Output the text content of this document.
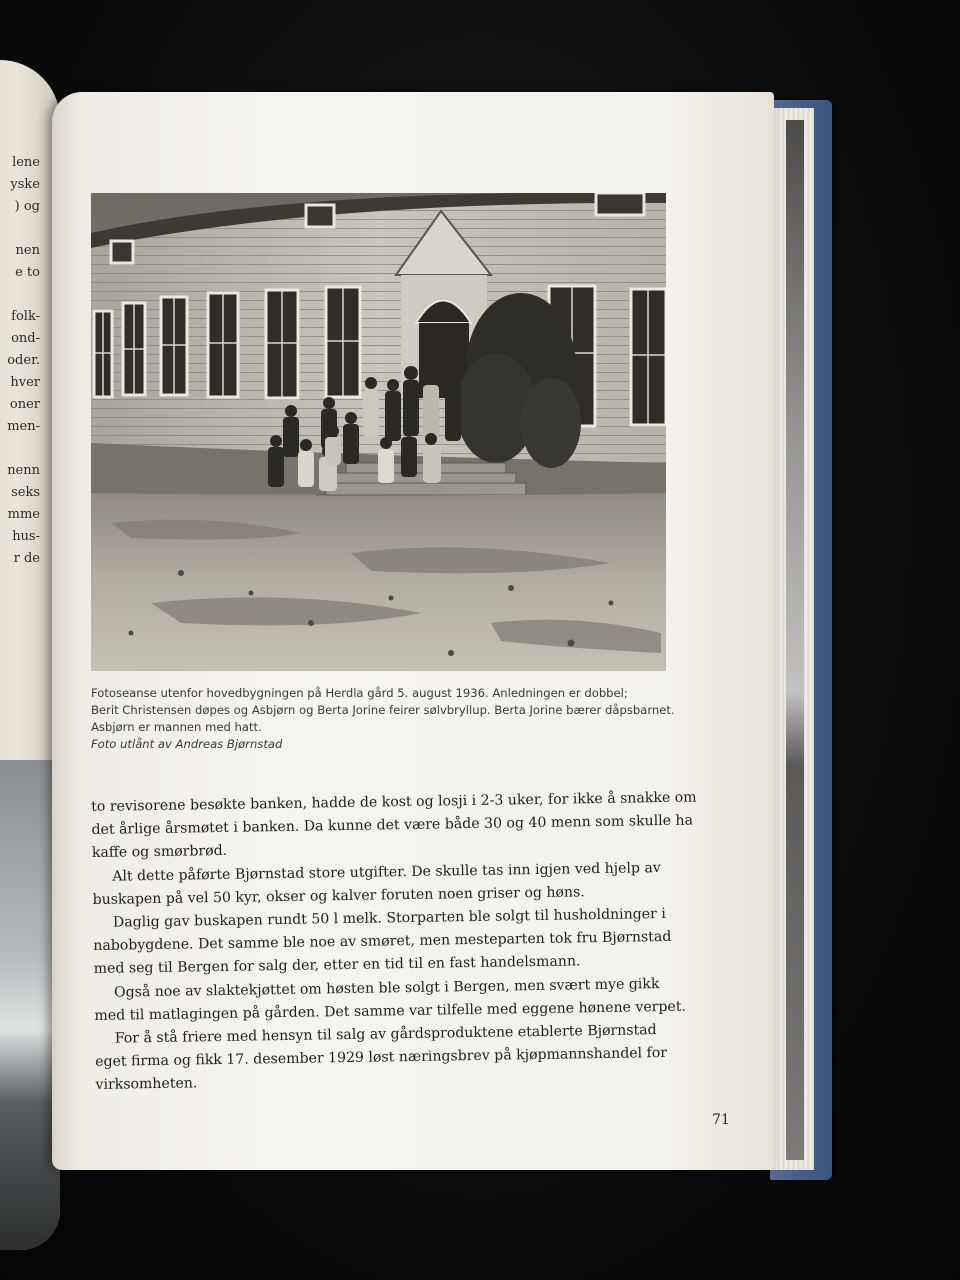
lene
yske
) og

nen
e to

folk-
ond-
oder.
hver
oner
men-

nenn
seks
mme
hus-
r de
Fotoseanse utenfor hovedbygningen på Herdla gård 5. august 1936. Anledningen er dobbel;
Berit Christensen døpes og Asbjørn og Berta Jorine feirer sølvbryllup. Berta Jorine bærer dåpsbarnet.
Asbjørn er mannen med hatt.
Foto utlånt av Andreas Bjørnstad
to revisorene besøkte banken, hadde de kost og losji i 2-3 uker, for ikke å snakke om
det årlige årsmøtet i banken. Da kunne det være både 30 og 40 menn som skulle ha
kaffe og smørbrød.
Alt dette påførte Bjørnstad store utgifter. De skulle tas inn igjen ved hjelp av
buskapen på vel 50 kyr, okser og kalver foruten noen griser og høns.
Daglig gav buskapen rundt 50 l melk. Storparten ble solgt til husholdninger i
nabobygdene. Det samme ble noe av smøret, men mesteparten tok fru Bjørnstad
med seg til Bergen for salg der, etter en tid til en fast handelsmann.
Også noe av slaktekjøttet om høsten ble solgt i Bergen, men svært mye gikk
med til matlagingen på gården. Det samme var tilfelle med eggene hønene verpet.
For å stå friere med hensyn til salg av gårdsproduktene etablerte Bjørnstad
eget firma og fikk 17. desember 1929 løst næringsbrev på kjøpmannshandel for
virksomheten.
71
